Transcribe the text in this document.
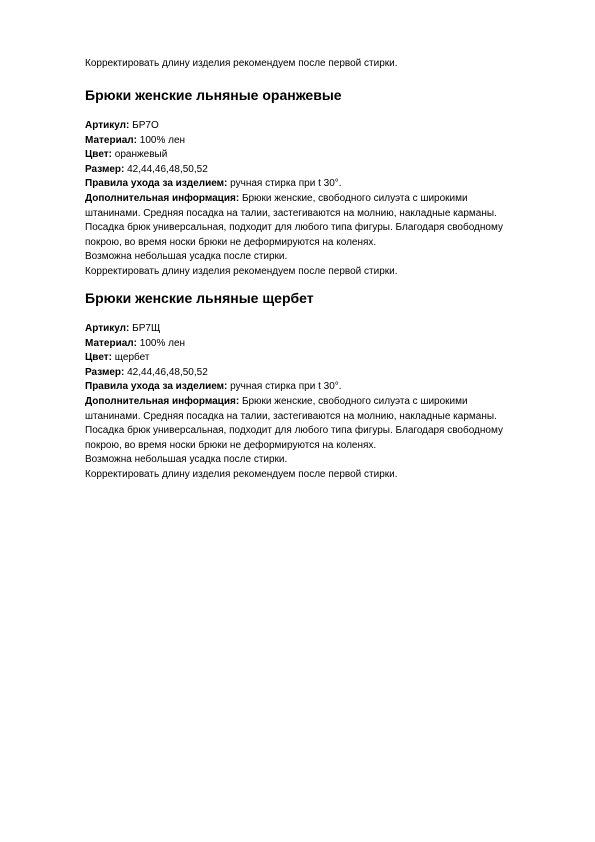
Корректировать длину изделия рекомендуем после первой стирки.
Брюки женские льняные оранжевые
Артикул: БР7О
Материал: 100% лен
Цвет: оранжевый
Размер: 42,44,46,48,50,52
Правила ухода за изделием: ручная стирка при t 30°.
Дополнительная информация: Брюки женские, свободного силуэта с широкими
штанинами. Средняя посадка на талии, застегиваются на молнию, накладные карманы.
Посадка брюк универсальная, подходит для любого типа фигуры. Благодаря свободному
покрою, во время носки брюки не деформируются на коленях.
Возможна небольшая усадка после стирки.
Корректировать длину изделия рекомендуем после первой стирки.
Брюки женские льняные щербет
Артикул: БР7Щ
Материал: 100% лен
Цвет: щербет
Размер: 42,44,46,48,50,52
Правила ухода за изделием: ручная стирка при t 30°.
Дополнительная информация: Брюки женские, свободного силуэта с широкими
штанинами. Средняя посадка на талии, застегиваются на молнию, накладные карманы.
Посадка брюк универсальная, подходит для любого типа фигуры. Благодаря свободному
покрою, во время носки брюки не деформируются на коленях.
Возможна небольшая усадка после стирки.
Корректировать длину изделия рекомендуем после первой стирки.
